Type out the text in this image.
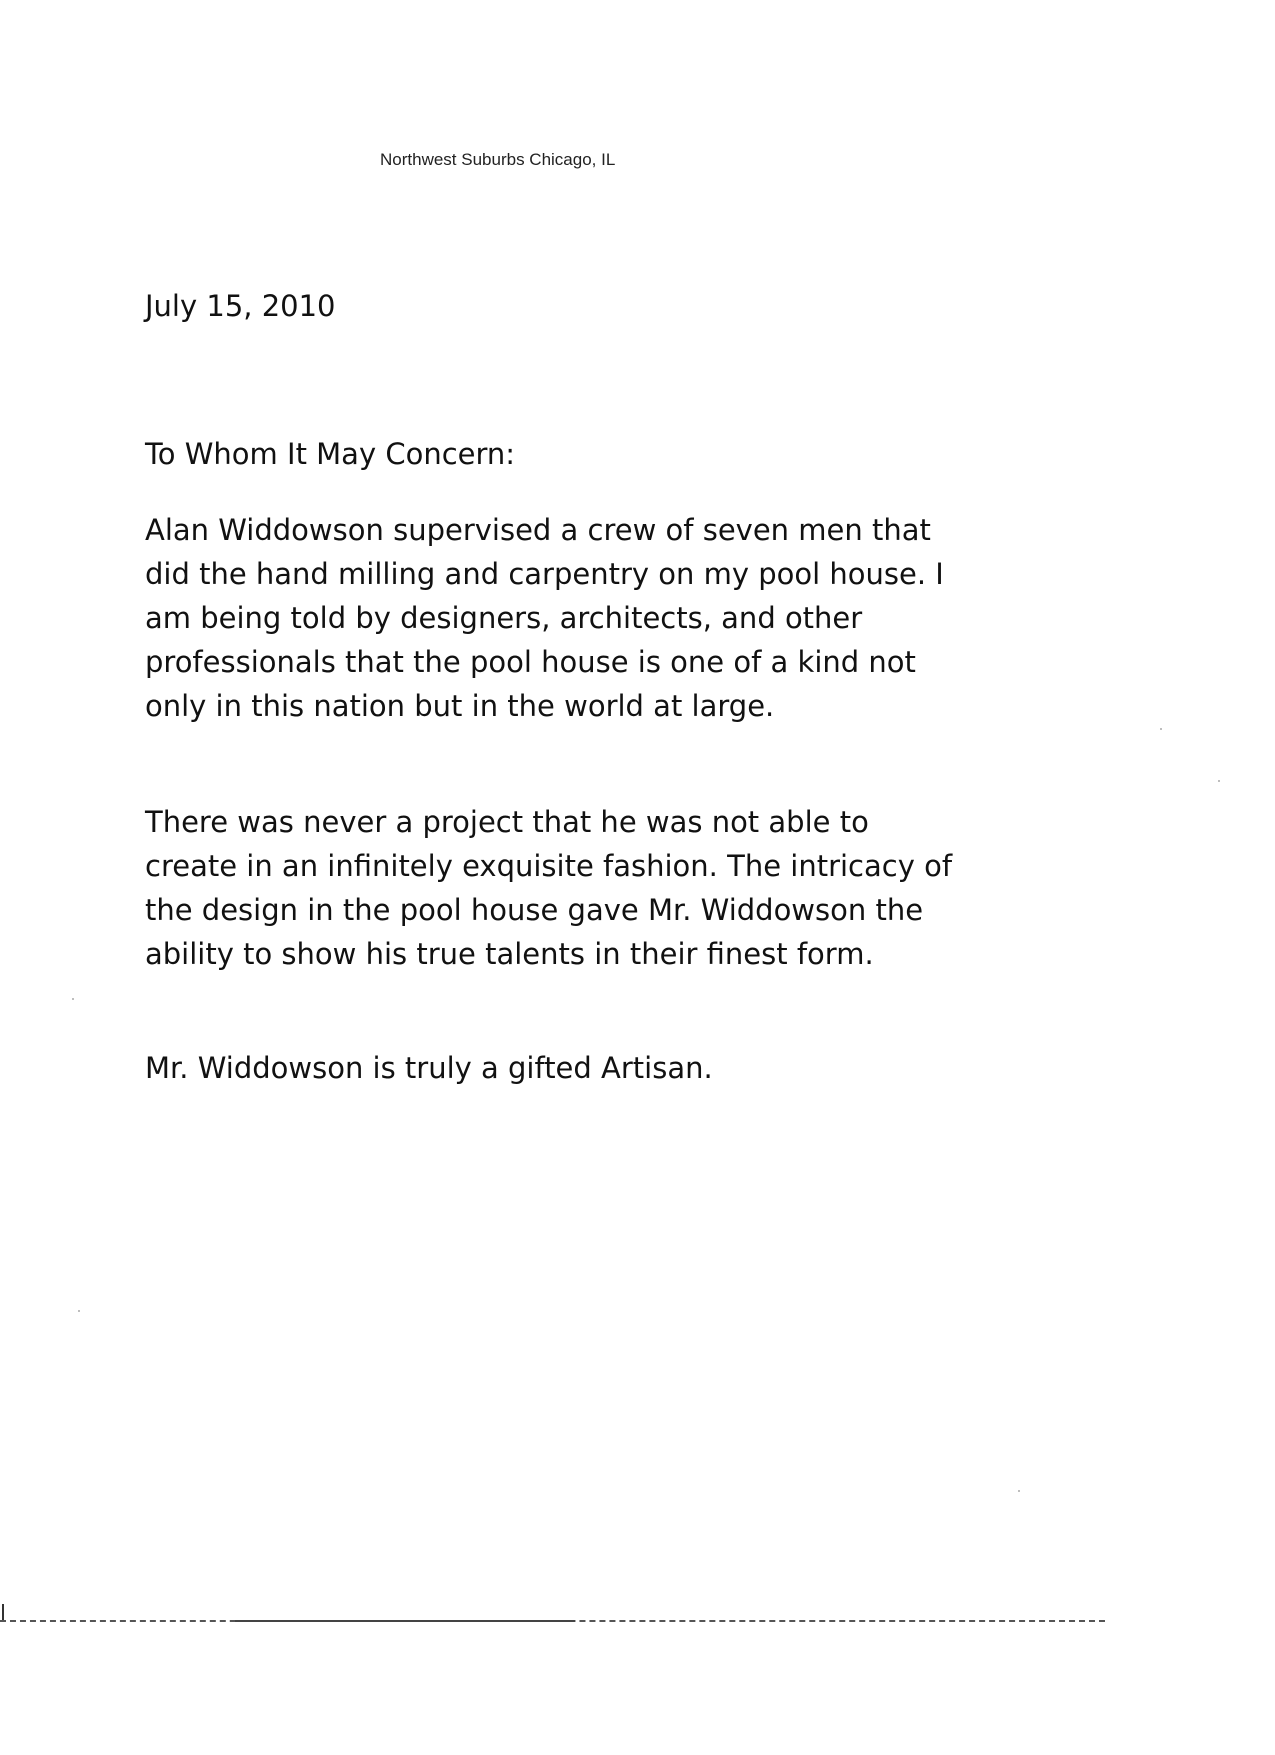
Northwest Suburbs Chicago, IL
July 15, 2010
To Whom It May Concern:

Alan Widdowson supervised a crew of seven men that did the hand milling and carpentry on my pool house. I am being told by designers, architects, and other professionals that the pool house is one of a kind not only in this nation but in the world at large.

There was never a project that he was not able to create in an infinitely exquisite fashion. The intricacy of the design in the pool house gave Mr. Widdowson the ability to show his true talents in their finest form.

Mr. Widdowson is truly a gifted Artisan.
